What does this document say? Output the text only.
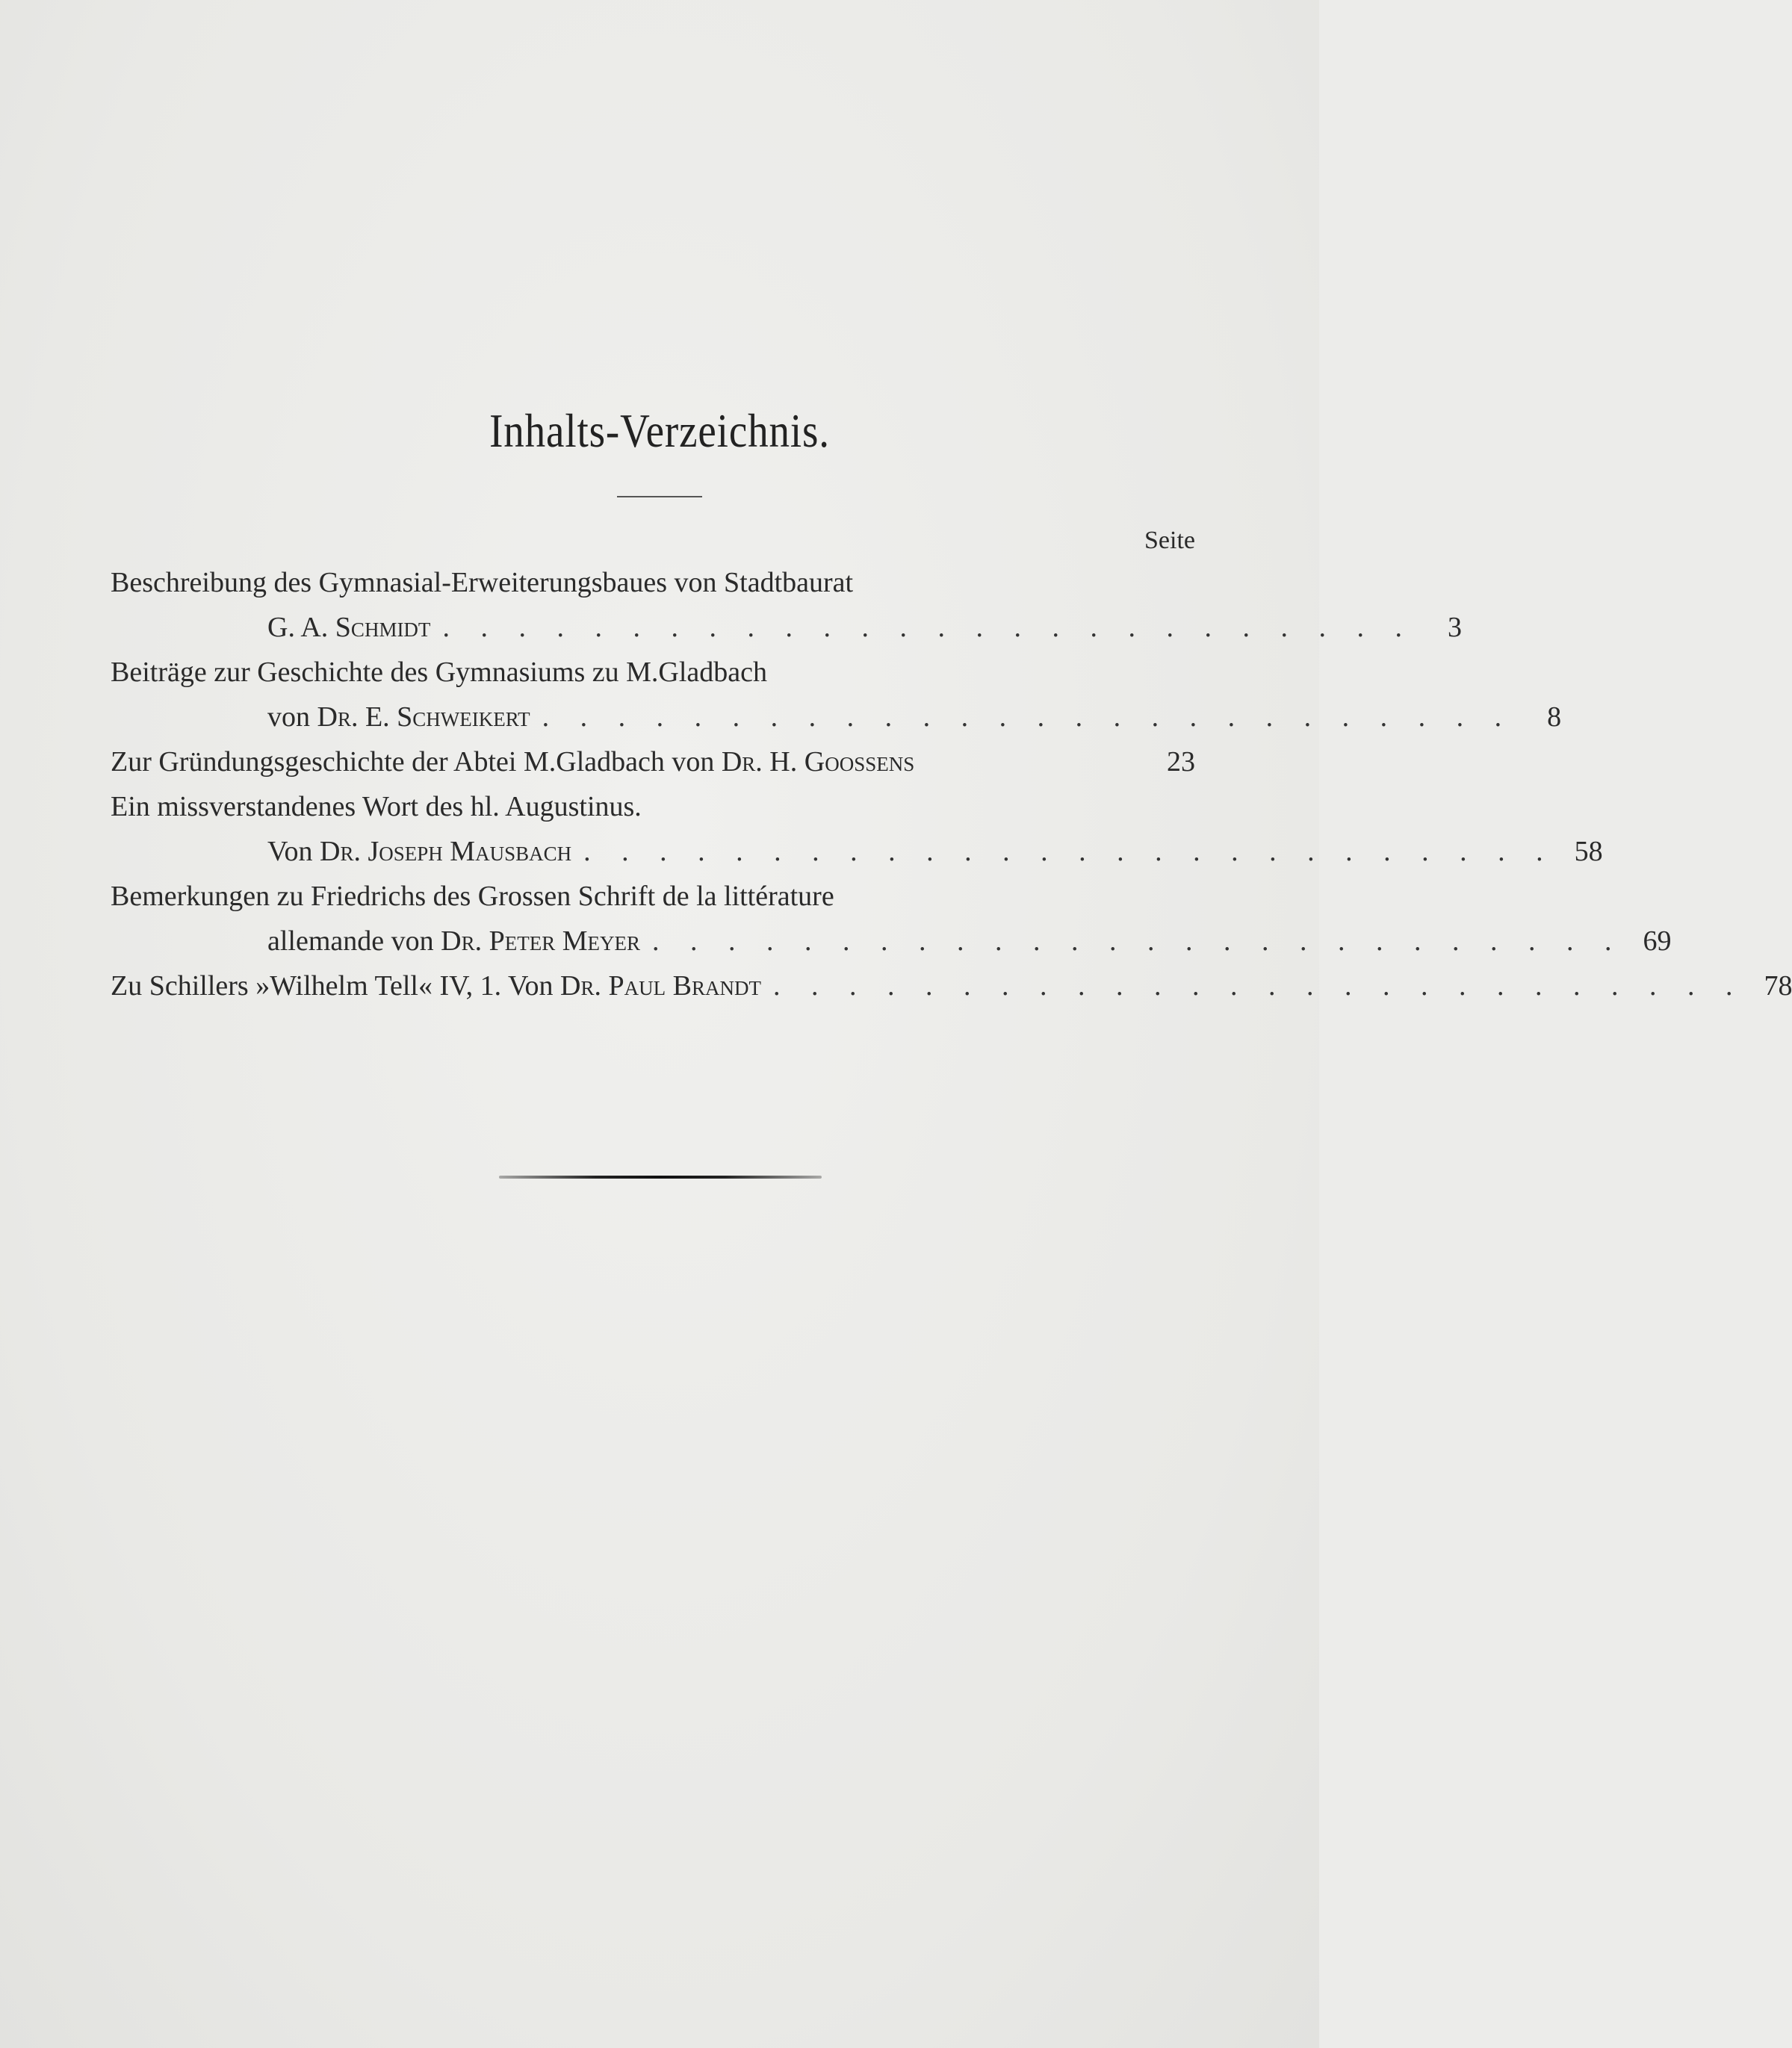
Inhalts-Verzeichnis.
Seite
Beschreibung des Gymnasial-Erweiterungsbaues von Stadtbaurat
G. A. Schmidt . . . . . . . . . . . . . . . . . . . . . . . . . .	3
Beiträge zur Geschichte des Gymnasiums zu M.Gladbach
von Dr. E. Schweikert . . . . . . . . . . . . . . . . . . . . . . . . . .	8
Zur Gründungsgeschichte der Abtei M.Gladbach von Dr. H. Goossens	23
Ein missverstandenes Wort des hl. Augustinus.
Von Dr. Joseph Mausbach . . . . . . . . . . . . . . . . . . . . . . . . . . 58
Bemerkungen zu Friedrichs des Grossen Schrift de la littérature
allemande von Dr. Peter Meyer . . . . . . . . . . . . . . . . . . . . . . . . . . 69
Zu Schillers »Wilhelm Tell« IV, 1. Von Dr. Paul Brandt . . . . . . . . . . . . . . . . . . . . . . . . . . 78
